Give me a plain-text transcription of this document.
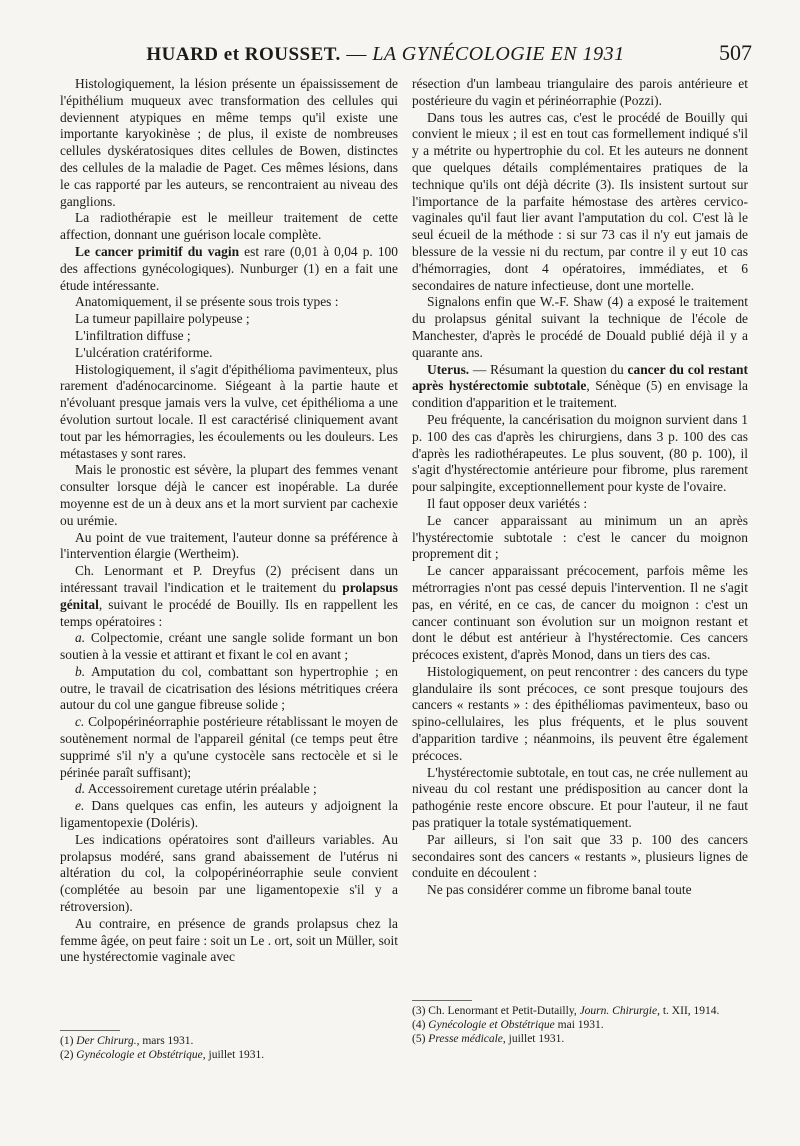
HUARD et ROUSSET. — LA GYNÉCOLOGIE EN 1931	507

Histologiquement, la lésion présente un épaississement de l'épithélium muqueux avec transformation des cellules qui deviennent atypiques en même temps qu'il existe une importante karyokinèse ; de plus, il existe de nombreuses cellules dyskératosiques dites cellules de Bowen, distinctes des cellules de la maladie de Paget. Ces mêmes lésions, dans le cas rapporté par les auteurs, se rencontraient au niveau des ganglions.

La radiothérapie est le meilleur traitement de cette affection, donnant une guérison locale complète.

Le cancer primitif du vagin est rare (0,01 à 0,04 p. 100 des affections gynécologiques). Nunburger (1) en a fait une étude intéressante.

Anatomiquement, il se présente sous trois types :

La tumeur papillaire polypeuse ;

L'infiltration diffuse ;

L'ulcération cratériforme.

Histologiquement, il s'agit d'épithélioma pavimenteux, plus rarement d'adénocarcinome. Siégeant à la partie haute et n'évoluant presque jamais vers la vulve, cet épithélioma a une évolution surtout locale. Il est caractérisé cliniquement avant tout par les hémorragies, les écoulements ou les douleurs. Les métastases y sont rares.

Mais le pronostic est sévère, la plupart des femmes venant consulter lorsque déjà le cancer est inopérable. La durée moyenne est de un à deux ans et la mort survient par cachexie ou urémie.

Au point de vue traitement, l'auteur donne sa préférence à l'intervention élargie (Wertheim).

Ch. Lenormant et P. Dreyfus (2) précisent dans un intéressant travail l'indication et le traitement du prolapsus génital, suivant le procédé de Bouilly. Ils en rappellent les temps opératoires :

a. Colpectomie, créant une sangle solide formant un bon soutien à la vessie et attirant et fixant le col en avant ;

b. Amputation du col, combattant son hypertrophie ; en outre, le travail de cicatrisation des lésions métritiques créera autour du col une gangue fibreuse solide ;

c. Colpopérinéorraphie postérieure rétablissant le moyen de soutènement normal de l'appareil génital (ce temps peut être supprimé s'il n'y a qu'une cystocèle sans rectocèle et si le périnée paraît suffisant);

d. Accessoirement curetage utérin préalable ;

e. Dans quelques cas enfin, les auteurs y adjoignent la ligamentopexie (Doléris).

Les indications opératoires sont d'ailleurs variables. Au prolapsus modéré, sans grand abaissement de l'utérus ni altération du col, la colpopérinéorraphie seule convient (complétée au besoin par une ligamentopexie s'il y a rétroversion).

Au contraire, en présence de grands prolapsus chez la femme âgée, on peut faire : soit un Le . ort, soit un Müller, soit une hystérectomie vaginale avec

résection d'un lambeau triangulaire des parois antérieure et postérieure du vagin et périnéorraphie (Pozzi).

Dans tous les autres cas, c'est le procédé de Bouilly qui convient le mieux ; il est en tout cas formellement indiqué s'il y a métrite ou hypertrophie du col. Et les auteurs ne donnent que quelques détails complémentaires pratiques de la technique qu'ils ont déjà décrite (3). Ils insistent surtout sur l'importance de la parfaite hémostase des artères cervico-vaginales qu'il faut lier avant l'amputation du col. C'est là le seul écueil de la méthode : si sur 73 cas il n'y eut jamais de blessure de la vessie ni du rectum, par contre il y eut 10 cas d'hémorragies, dont 4 opératoires, immédiates, et 6 secondaires de nature infectieuse, dont une mortelle.

Signalons enfin que W.-F. Shaw (4) a exposé le traitement du prolapsus génital suivant la technique de l'école de Manchester, d'après le procédé de Douald publié déjà il y a quarante ans.

Uterus. — Résumant la question du cancer du col restant après hystérectomie subtotale, Sénèque (5) en envisage la condition d'apparition et le traitement.

Peu fréquente, la cancérisation du moignon survient dans 1 p. 100 des cas d'après les chirurgiens, dans 3 p. 100 des cas d'après les radiothérapeutes. Le plus souvent, (80 p. 100), il s'agit d'hystérectomie antérieure pour fibrome, plus rarement pour salpingite, exceptionnellement pour kyste de l'ovaire.

Il faut opposer deux variétés :

Le cancer apparaissant au minimum un an après l'hystérectomie subtotale : c'est le cancer du moignon proprement dit ;

Le cancer apparaissant précocement, parfois même les métrorragies n'ont pas cessé depuis l'intervention. Il ne s'agit pas, en vérité, en ce cas, de cancer du moignon : c'est un cancer continuant son évolution sur un moignon restant et dont le début est antérieur à l'hystérectomie. Ces cancers précoces existent, d'après Monod, dans un tiers des cas.

Histologiquement, on peut rencontrer : des cancers du type glandulaire ils sont précoces, ce sont presque toujours des cancers « restants » : des épithéliomas pavimenteux, baso ou spino-cellulaires, les plus fréquents, et le plus souvent d'apparition tardive ; néanmoins, ils peuvent être également précoces.

L'hystérectomie subtotale, en tout cas, ne crée nullement au niveau du col restant une prédisposition au cancer dont la pathogénie reste encore obscure. Et pour l'auteur, il ne faut pas pratiquer la totale systématiquement.

Par ailleurs, si l'on sait que 33 p. 100 des cancers secondaires sont des cancers « restants », plusieurs lignes de conduite en découlent :

Ne pas considérer comme un fibrome banal toute

(1) Der Chirurg., mars 1931.
(2) Gynécologie et Obstétrique, juillet 1931.
(3) Ch. Lenormant et Petit-Dutailly, Journ. Chirurgie, t. XII, 1914.
(4) Gynécologie et Obstétrique mai 1931.
(5) Presse médicale, juillet 1931.
